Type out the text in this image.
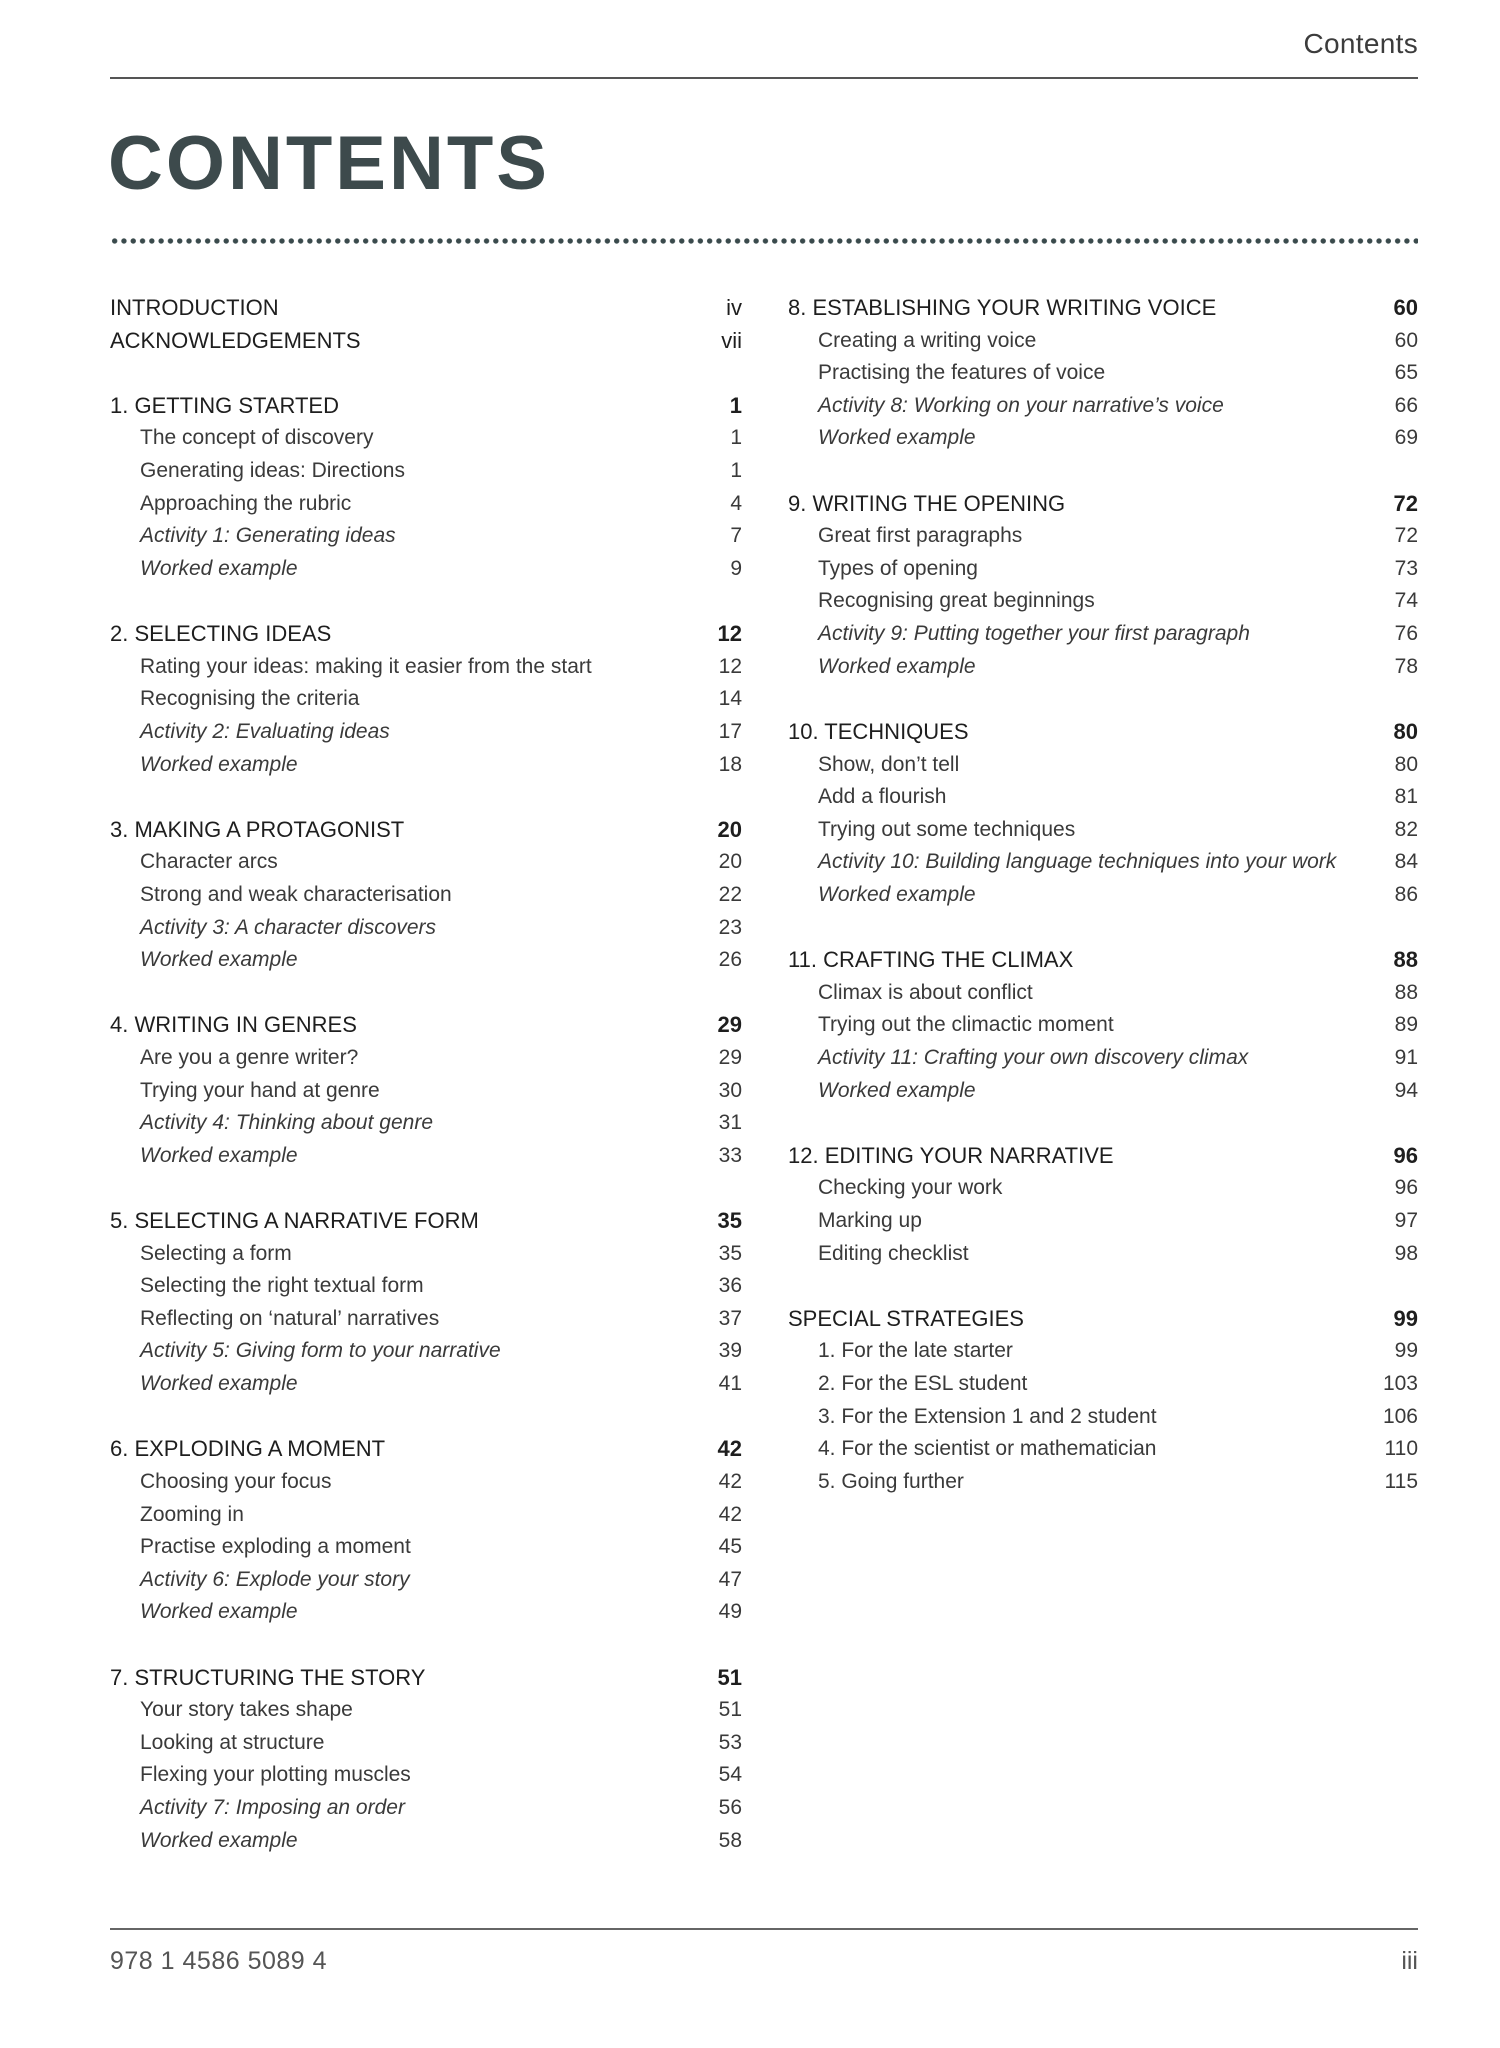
Contents
CONTENTS
INTRODUCTION	iv
ACKNOWLEDGEMENTS	vii
1. GETTING STARTED	1
The concept of discovery	1
Generating ideas: Directions	1
Approaching the rubric	4
Activity 1: Generating ideas	7
Worked example	9
2. SELECTING IDEAS	12
Rating your ideas: making it easier from the start	12
Recognising the criteria	14
Activity 2: Evaluating ideas	17
Worked example	18
3. MAKING A PROTAGONIST	20
Character arcs	20
Strong and weak characterisation	22
Activity 3: A character discovers	23
Worked example	26
4. WRITING IN GENRES	29
Are you a genre writer?	29
Trying your hand at genre	30
Activity 4: Thinking about genre	31
Worked example	33
5. SELECTING A NARRATIVE FORM	35
Selecting a form	35
Selecting the right textual form	36
Reflecting on ‘natural’ narratives	37
Activity 5: Giving form to your narrative	39
Worked example	41
6. EXPLODING A MOMENT	42
Choosing your focus	42
Zooming in	42
Practise exploding a moment	45
Activity 6: Explode your story	47
Worked example	49
7. STRUCTURING THE STORY	51
Your story takes shape	51
Looking at structure	53
Flexing your plotting muscles	54
Activity 7: Imposing an order	56
Worked example	58
8. ESTABLISHING YOUR WRITING VOICE	60
Creating a writing voice	60
Practising the features of voice	65
Activity 8: Working on your narrative’s voice	66
Worked example	69
9. WRITING THE OPENING	72
Great first paragraphs	72
Types of opening	73
Recognising great beginnings	74
Activity 9: Putting together your first paragraph	76
Worked example	78
10. TECHNIQUES	80
Show, don’t tell	80
Add a flourish	81
Trying out some techniques	82
Activity 10: Building language techniques into your work	84
Worked example	86
11. CRAFTING THE CLIMAX	88
Climax is about conflict	88
Trying out the climactic moment	89
Activity 11: Crafting your own discovery climax	91
Worked example	94
12. EDITING YOUR NARRATIVE	96
Checking your work	96
Marking up	97
Editing checklist	98
SPECIAL STRATEGIES	99
1. For the late starter	99
2. For the ESL student	103
3. For the Extension 1 and 2 student	106
4. For the scientist or mathematician	110
5. Going further	115
978 1 4586 5089 4	iii
